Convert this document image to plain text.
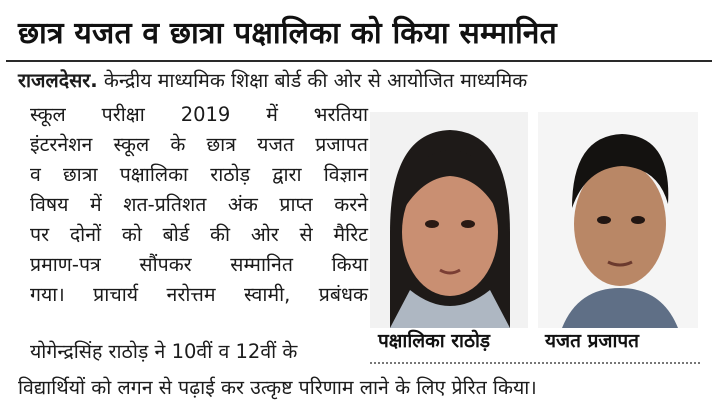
छात्र यजत व छात्रा पक्षालिका को किया सम्मानित
राजलदेसर. केन्द्रीय माध्यमिक शिक्षा बोर्ड की ओर से आयोजित माध्यमिक
स्कूल परीक्षा 2019 में भरतिया
इंटरनेशन स्कूल के छात्र यजत प्रजापत
व छात्रा पक्षालिका राठोड़ द्वारा विज्ञान
विषय में शत-प्रतिशत अंक प्राप्त करने
पर दोनों को बोर्ड की ओर से मैरिट
प्रमाण-पत्र सौंपकर सम्मानित किया
गया। प्राचार्य नरोत्तम स्वामी, प्रबंधक
योगेन्द्रसिंह राठोड़ ने 10वीं व 12वीं के
विद्यार्थियों को लगन से पढ़ाई कर उत्कृष्ट परिणाम लाने के लिए प्रेरित किया।
पक्षालिका राठोड़	यजत प्रजापत
